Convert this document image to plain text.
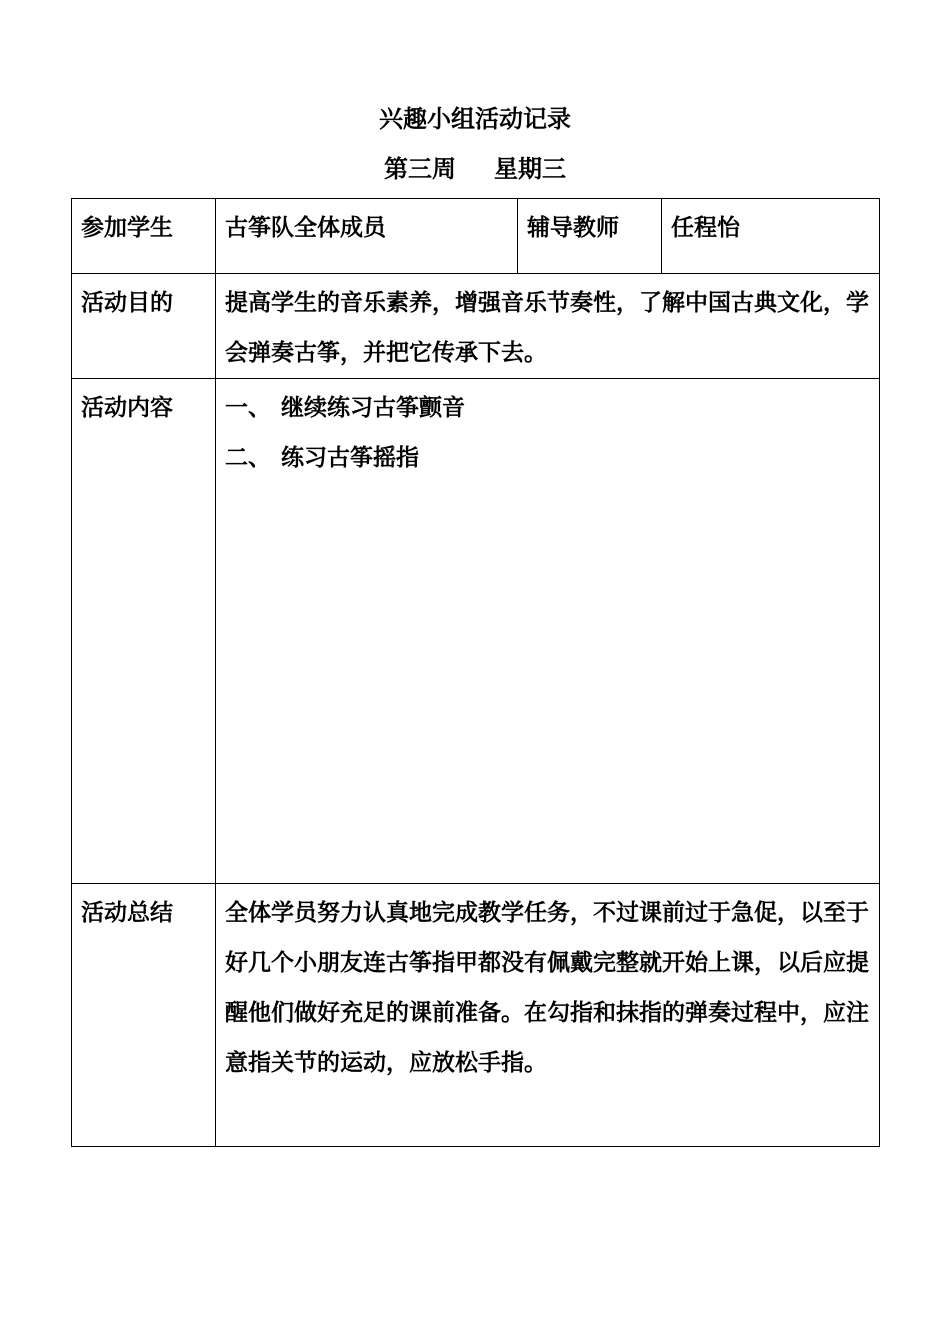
兴趣小组活动记录
第三周 星期三
参加学生	古筝队全体成员	辅导教师	任程怡
活动目的	提高学生的音乐素养，增强音乐节奏性，了解中国古典文化，学会弹奏古筝，并把它传承下去。		
活动内容	一、 继续练习古筝颤音
二、 练习古筝摇指		

活动总结	全体学员努力认真地完成教学任务，不过课前过于急促，以至于好几个小朋友连古筝指甲都没有佩戴完整就开始上课，以后应提醒他们做好充足的课前准备。在勾指和抹指的弹奏过程中，应注意指关节的运动，应放松手指。		
